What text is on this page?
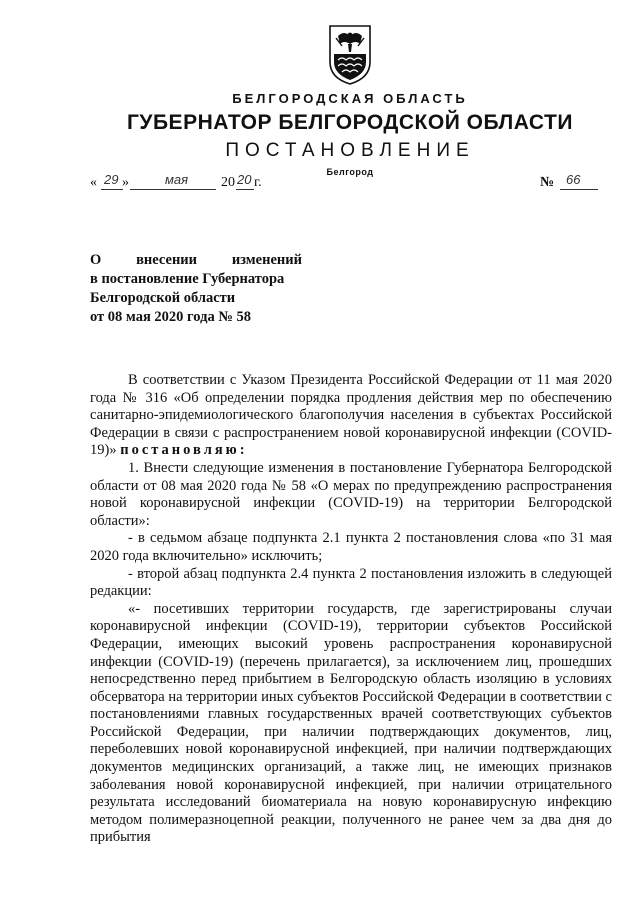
БЕЛГОРОДСКАЯ ОБЛАСТЬ
ГУБЕРНАТОР БЕЛГОРОДСКОЙ ОБЛАСТИ
ПОСТАНОВЛЕНИЕ
Белгород
« 29 »	мая 20 20 г.	№ 66
О внесении изменений
в постановление Губернатора
Белгородской области
от 08 мая 2020 года № 58

В соответствии с Указом Президента Российской Федерации от 11 мая 2020 года № 316 «Об определении порядка продления действия мер по обеспечению санитарно-эпидемиологического благополучия населения в субъектах Российской Федерации в связи с распространением новой коронавирусной инфекции (COVID-19)» постановляю:

1. Внести следующие изменения в постановление Губернатора Белгородской области от 08 мая 2020 года № 58 «О мерах по предупреждению распространения новой коронавирусной инфекции (COVID-19) на территории Белгородской области»:

- в седьмом абзаце подпункта 2.1 пункта 2 постановления слова «по 31 мая 2020 года включительно» исключить;

- второй абзац подпункта 2.4 пункта 2 постановления изложить в следующей редакции:

«- посетивших территории государств, где зарегистрированы случаи коронавирусной инфекции (COVID-19), территории субъектов Российской Федерации, имеющих высокий уровень распространения коронавирусной инфекции (COVID-19) (перечень прилагается), за исключением лиц, прошедших непосредственно перед прибытием в Белгородскую область изоляцию в условиях обсерватора на территории иных субъектов Российской Федерации в соответствии с постановлениями главных государственных врачей соответствующих субъектов Российской Федерации, при наличии подтверждающих документов, лиц, переболевших новой коронавирусной инфекцией, при наличии подтверждающих документов медицинских организаций, а также лиц, не имеющих признаков заболевания новой коронавирусной инфекцией, при наличии отрицательного результата исследований биоматериала на новую коронавирусную инфекцию методом полимеразноцепной реакции, полученного не ранее чем за два дня до прибытия
